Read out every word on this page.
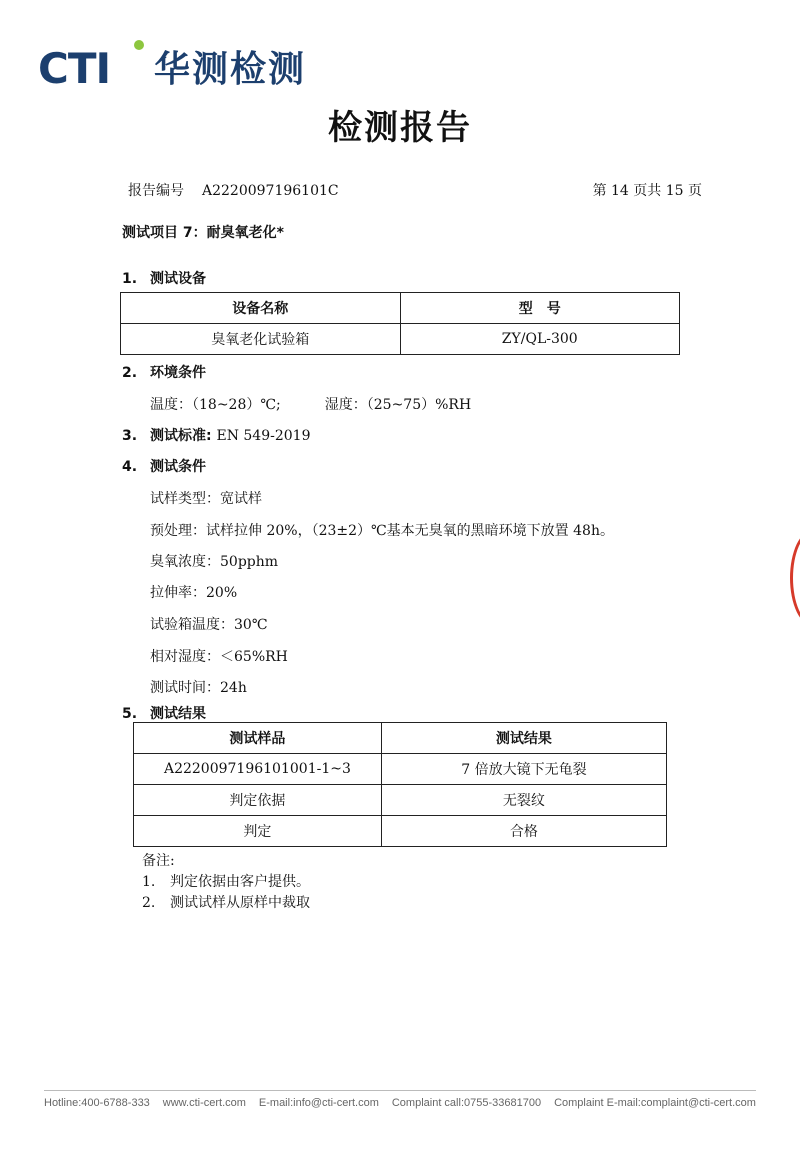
CTI 华测检测
检测报告
报告编号 A2220097196101C	第 14 页共 15 页
测试项目 7：耐臭氧老化*
1. 测试设备
设备名称	型　号
臭氧老化试验箱	ZY/QL-300
2. 环境条件
温度：（18~28）℃;	湿度：（25~75）%RH
3. 测试标准: EN 549-2019
4. 测试条件
试样类型：宽试样
预处理：试样拉伸 20%，（23±2）℃基本无臭氧的黑暗环境下放置 48h。
臭氧浓度：50pphm
拉伸率：20%
试验箱温度：30℃
相对湿度：＜65%RH
测试时间：24h
5. 测试结果
测试样品	测试结果
A2220097196101001-1~3	7 倍放大镜下无龟裂
判定依据	无裂纹
判定	合格
备注:
1. 判定依据由客户提供。
2. 测试试样从原样中裁取
Hotline:400-6788-333 www.cti-cert.com E-mail:info@cti-cert.com Complaint call:0755-33681700 Complaint E-mail:complaint@cti-cert.com
